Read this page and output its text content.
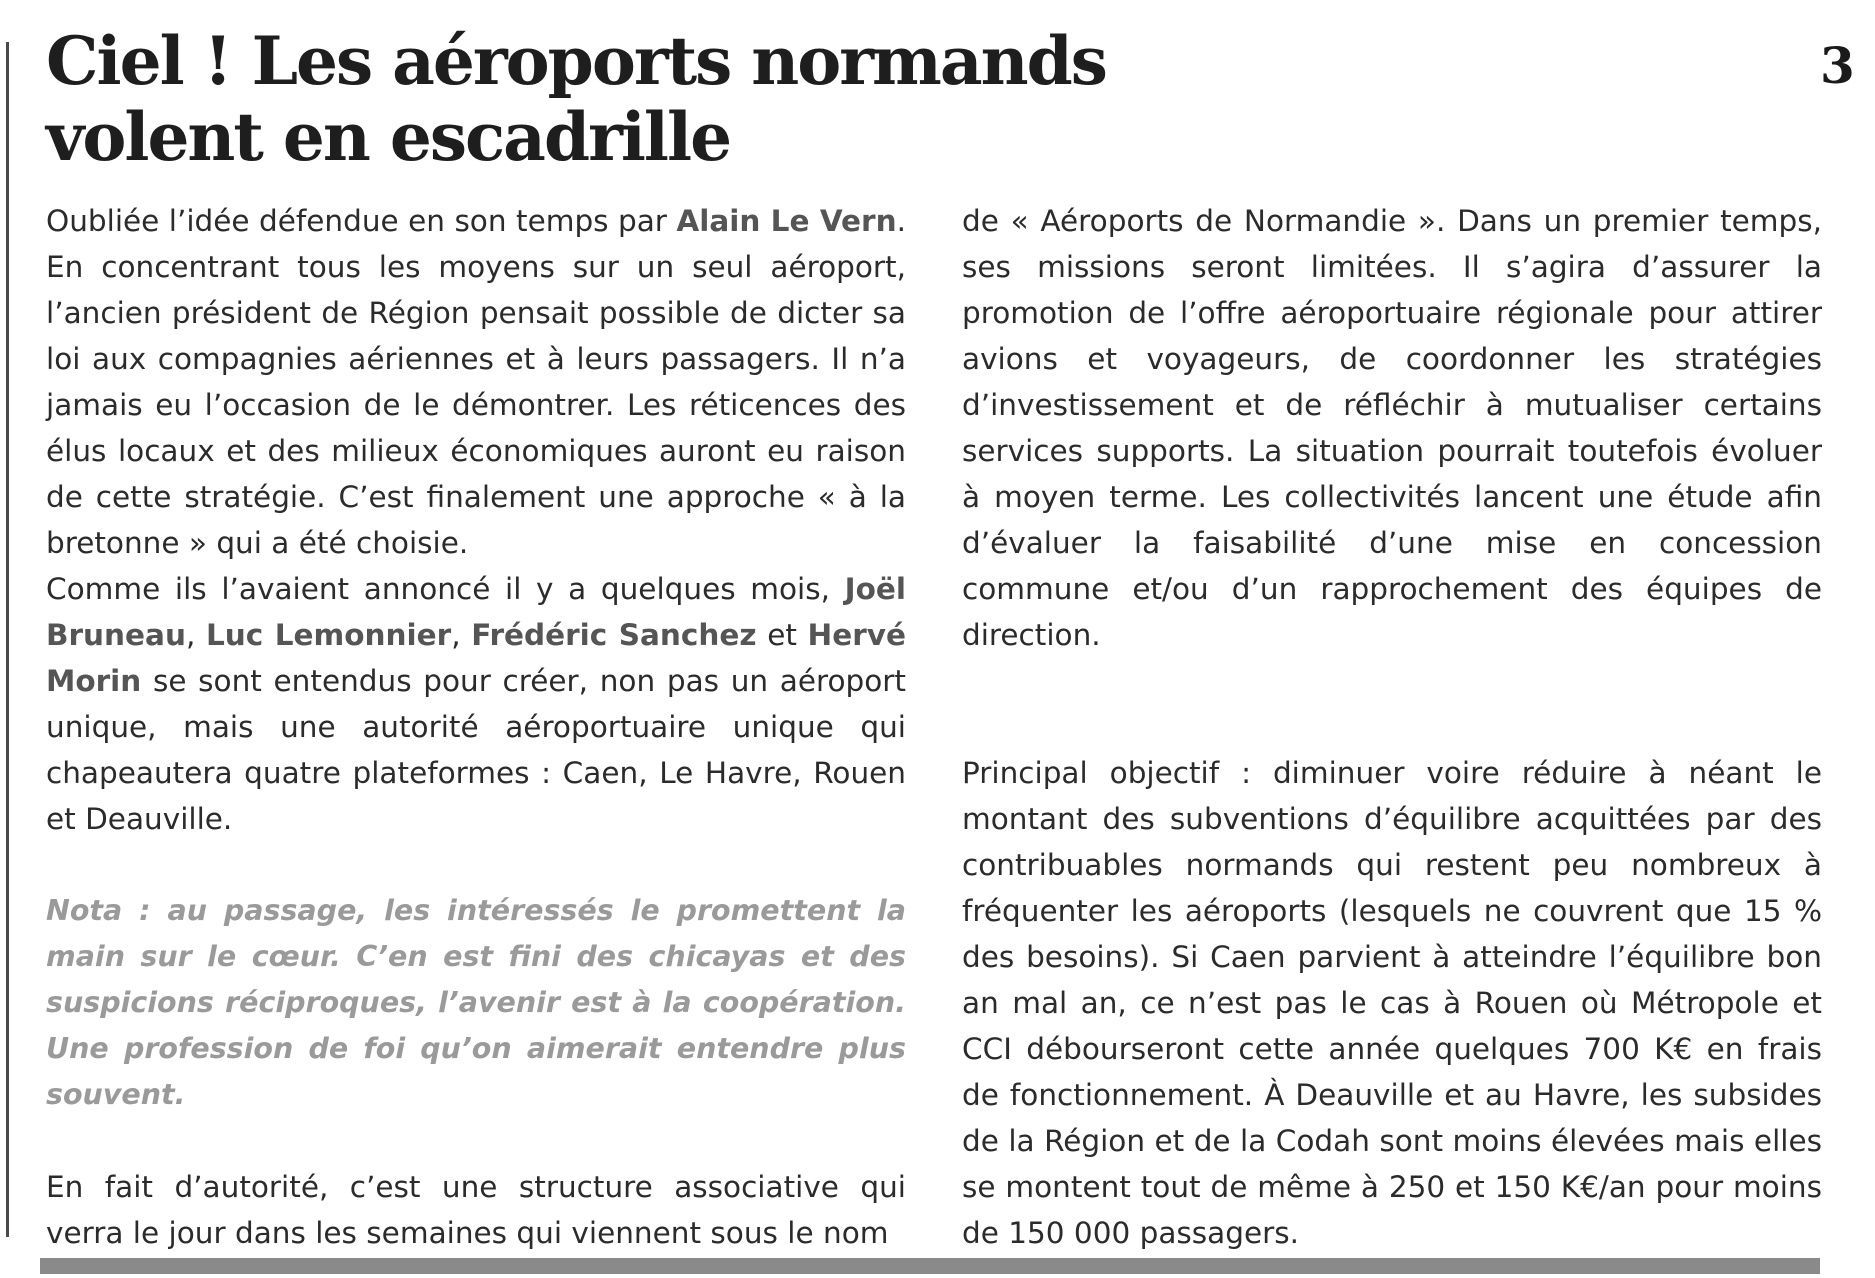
Ciel ! Les aéroports normands
volent en escadrille
3

Oubliée l’idée défendue en son temps par Alain Le Vern. En concentrant tous les moyens sur un seul aéroport, l’ancien président de Région pensait possible de dicter sa loi aux compagnies aériennes et à leurs passagers. Il n’a jamais eu l’occasion de le démontrer. Les réticences des élus locaux et des milieux économiques auront eu raison de cette stratégie. C’est finalement une approche « à la bretonne » qui a été choisie.

Comme ils l’avaient annoncé il y a quelques mois, Joël Bruneau, Luc Lemonnier, Frédéric Sanchez et Hervé Morin se sont entendus pour créer, non pas un aéroport unique, mais une autorité aéroportuaire unique qui chapeautera quatre plateformes : Caen, Le Havre, Rouen et Deauville.

Nota : au passage, les intéressés le promettent la main sur le cœur. C’en est fini des chicayas et des suspicions réciproques, l’avenir est à la coopération. Une profession de foi qu’on aimerait entendre plus souvent.

En fait d’autorité, c’est une structure associative qui verra le jour dans les semaines qui viennent sous le nom

de « Aéroports de Normandie ». Dans un premier temps, ses missions seront limitées. Il s’agira d’assurer la promotion de l’offre aéroportuaire régionale pour attirer avions et voyageurs, de coordonner les stratégies d’investissement et de réfléchir à mutualiser certains services supports. La situation pourrait toutefois évoluer à moyen terme. Les collectivités lancent une étude afin d’évaluer la faisabilité d’une mise en concession commune et/ou d’un rapprochement des équipes de direction.

Principal objectif : diminuer voire réduire à néant le montant des subventions d’équilibre acquittées par des contribuables normands qui restent peu nombreux à fréquenter les aéroports (lesquels ne couvrent que 15 % des besoins). Si Caen parvient à atteindre l’équilibre bon an mal an, ce n’est pas le cas à Rouen où Métropole et CCI débourseront cette année quelques 700 K€ en frais de fonctionnement. À Deauville et au Havre, les subsides de la Région et de la Codah sont moins élevées mais elles se montent tout de même à 250 et 150 K€/an pour moins de 150 000 passagers.
